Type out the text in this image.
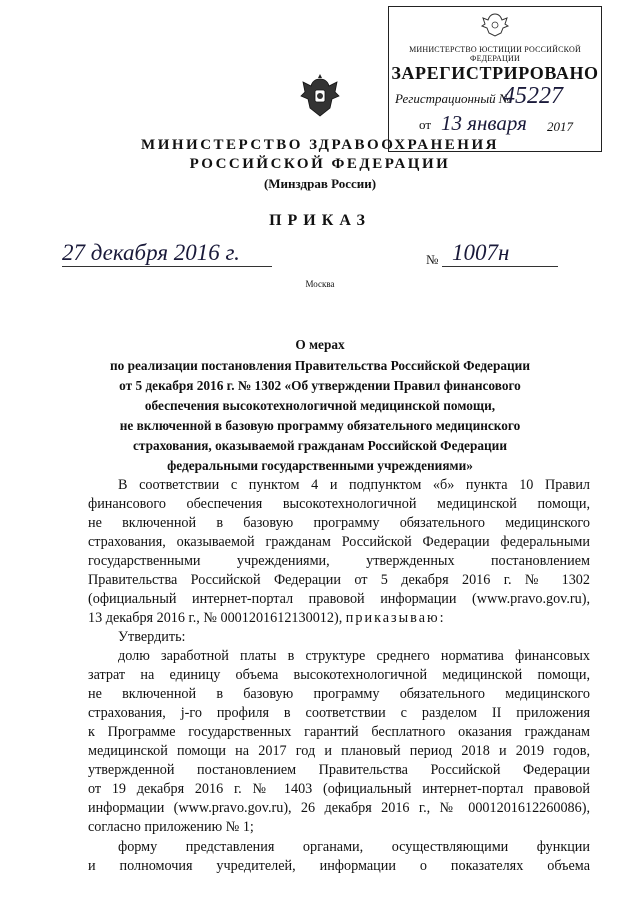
МИНИСТЕРСТВО ЮСТИЦИИ РОССИЙСКОЙ ФЕДЕРАЦИИ
ЗАРЕГИСТРИРОВАНО
Регистрационный №
45227
от 13 января 2017
МИНИСТЕРСТВО ЗДРАВООХРАНЕНИЯ
РОССИЙСКОЙ ФЕДЕРАЦИИ
(Минздрав России)
ПРИКАЗ
27 декабря 2016 г.	№ 1007н
Москва
О мерах
по реализации постановления Правительства Российской Федерации
от 5 декабря 2016 г. № 1302 «Об утверждении Правил финансового
обеспечения высокотехнологичной медицинской помощи,
не включенной в базовую программу обязательного медицинского
страхования, оказываемой гражданам Российской Федерации
федеральными государственными учреждениями»
В соответствии с пунктом 4 и подпунктом «б» пункта 10 Правил
финансового обеспечения высокотехнологичной медицинской помощи,
не включенной в базовую программу обязательного медицинского
страхования, оказываемой гражданам Российской Федерации федеральными
государственными учреждениями, утвержденных постановлением
Правительства Российской Федерации от 5 декабря 2016 г. № 1302
(официальный интернет-портал правовой информации (www.pravo.gov.ru),
13 декабря 2016 г., № 0001201612130012), приказываю:
Утвердить:
долю заработной платы в структуре среднего норматива финансовых
затрат на единицу объема высокотехнологичной медицинской помощи,
не включенной в базовую программу обязательного медицинского
страхования, j-го профиля в соответствии с разделом II приложения
к Программе государственных гарантий бесплатного оказания гражданам
медицинской помощи на 2017 год и плановый период 2018 и 2019 годов,
утвержденной постановлением Правительства Российской Федерации
от 19 декабря 2016 г. № 1403 (официальный интернет-портал правовой
информации (www.pravo.gov.ru), 26 декабря 2016 г., № 0001201612260086),
согласно приложению № 1;
форму представления органами, осуществляющими функции
и полномочия учредителей, информации о показателях объема
